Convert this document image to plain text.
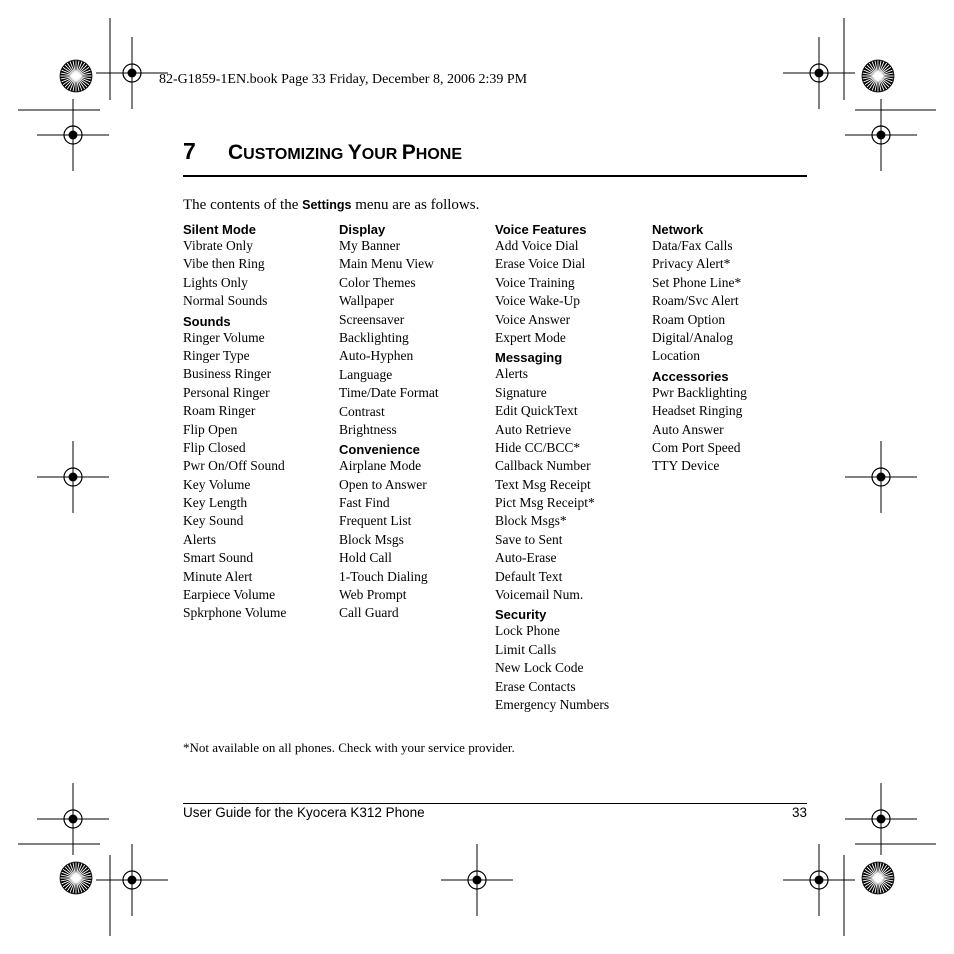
82-G1859-1EN.book Page 33 Friday, December 8, 2006 2:39 PM
7 CUSTOMIZING YOUR PHONE
The contents of the Settings menu are as follows.
Silent Mode
Vibrate Only
Vibe then Ring
Lights Only
Normal Sounds
Sounds
Ringer Volume
Ringer Type
Business Ringer
Personal Ringer
Roam Ringer
Flip Open
Flip Closed
Pwr On/Off Sound
Key Volume
Key Length
Key Sound
Alerts
Smart Sound
Minute Alert
Earpiece Volume
Spkrphone Volume
Display
My Banner
Main Menu View
Color Themes
Wallpaper
Screensaver
Backlighting
Auto-Hyphen
Language
Time/Date Format
Contrast
Brightness
Convenience
Airplane Mode
Open to Answer
Fast Find
Frequent List
Block Msgs
Hold Call
1-Touch Dialing
Web Prompt
Call Guard
Voice Features
Add Voice Dial
Erase Voice Dial
Voice Training
Voice Wake-Up
Voice Answer
Expert Mode
Messaging
Alerts
Signature
Edit QuickText
Auto Retrieve
Hide CC/BCC*
Callback Number
Text Msg Receipt
Pict Msg Receipt*
Block Msgs*
Save to Sent
Auto-Erase
Default Text
Voicemail Num.
Security
Lock Phone
Limit Calls
New Lock Code
Erase Contacts
Emergency Numbers
Network
Data/Fax Calls
Privacy Alert*
Set Phone Line*
Roam/Svc Alert
Roam Option
Digital/Analog
Location
Accessories
Pwr Backlighting
Headset Ringing
Auto Answer
Com Port Speed
TTY Device
*Not available on all phones. Check with your service provider.
User Guide for the Kyocera K312 Phone	33
